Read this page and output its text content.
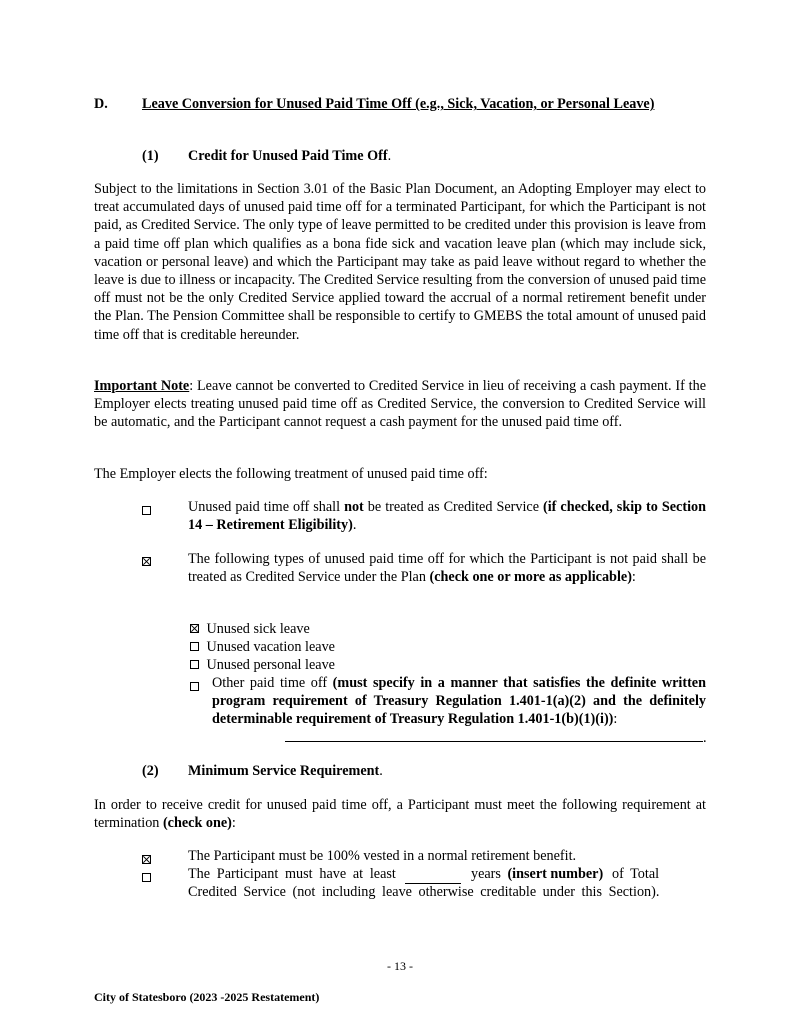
D. Leave Conversion for Unused Paid Time Off (e.g., Sick, Vacation, or Personal Leave)
(1) Credit for Unused Paid Time Off.
Subject to the limitations in Section 3.01 of the Basic Plan Document, an Adopting Employer may elect to treat accumulated days of unused paid time off for a terminated Participant, for which the Participant is not paid, as Credited Service. The only type of leave permitted to be credited under this provision is leave from a paid time off plan which qualifies as a bona fide sick and vacation leave plan (which may include sick, vacation or personal leave) and which the Participant may take as paid leave without regard to whether the leave is due to illness or incapacity. The Credited Service resulting from the conversion of unused paid time off must not be the only Credited Service applied toward the accrual of a normal retirement benefit under the Plan. The Pension Committee shall be responsible to certify to GMEBS the total amount of unused paid time off that is creditable hereunder.
Important Note: Leave cannot be converted to Credited Service in lieu of receiving a cash payment. If the Employer elects treating unused paid time off as Credited Service, the conversion to Credited Service will be automatic, and the Participant cannot request a cash payment for the unused paid time off.
The Employer elects the following treatment of unused paid time off:
Unused paid time off shall not be treated as Credited Service (if checked, skip to Section 14 – Retirement Eligibility).
The following types of unused paid time off for which the Participant is not paid shall be treated as Credited Service under the Plan (check one or more as applicable):
Unused sick leave
Unused vacation leave
Unused personal leave
Other paid time off (must specify in a manner that satisfies the definite written program requirement of Treasury Regulation 1.401-1(a)(2) and the definitely determinable requirement of Treasury Regulation 1.401-1(b)(1)(i)):
.
(2) Minimum Service Requirement.
In order to receive credit for unused paid time off, a Participant must meet the following requirement at termination (check one):
The Participant must be 100% vested in a normal retirement benefit.
The Participant must have at least	years (insert number) of Total Credited Service (not including leave otherwise creditable under this Section).
- 13 -
City of Statesboro (2023 -2025 Restatement)
